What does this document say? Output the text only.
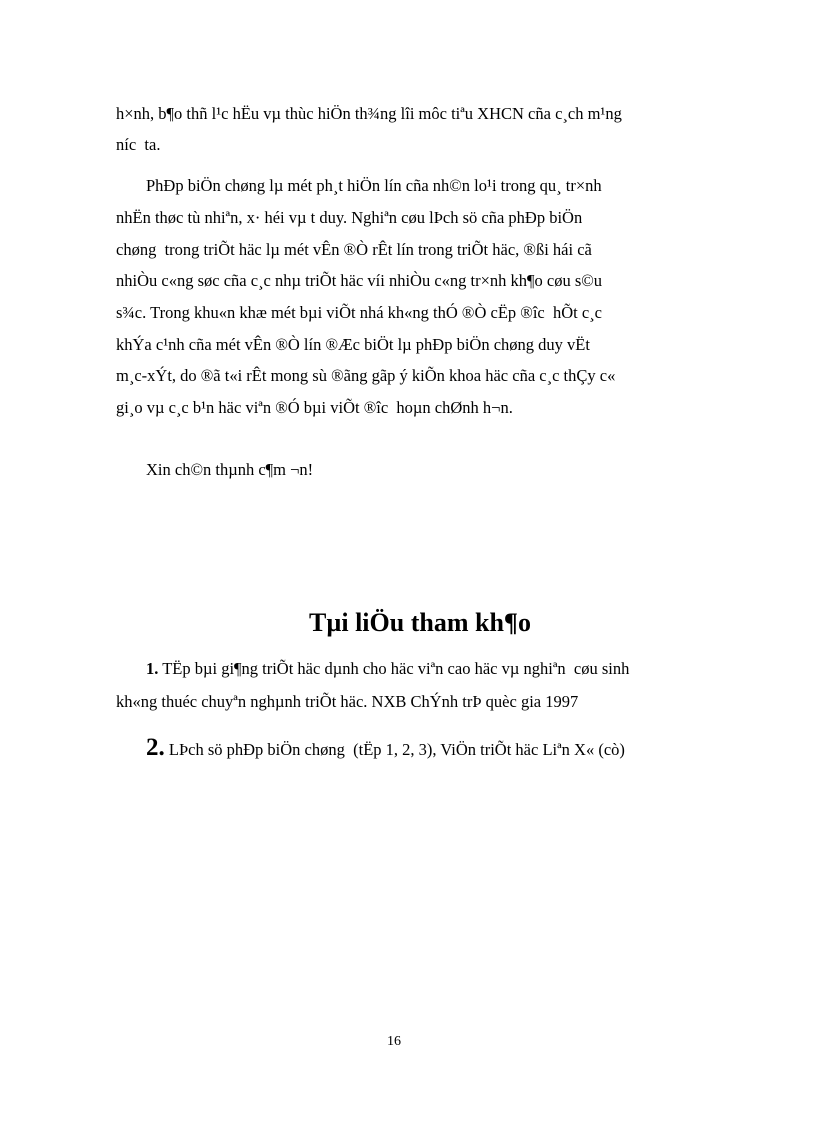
h×nh, b¶o thñ l¹c hËu vµ thùc hiÖn th¾ng lîi môc tiªu XHCN cña c¸ch m¹ng
níc  ta.
PhÐp biÖn chøng lµ mét ph¸t hiÖn lín cña nh©n lo¹i trong qu¸ tr×nh
nhËn thøc tù nhiªn, x· héi vµ t duy. Nghiªn cøu lÞch sö cña phÐp biÖn
chøng  trong triÕt häc lµ mét vÊn ®Ò rÊt lín trong triÕt häc, ®ßi hái cã
nhiÒu c«ng søc cña c¸c nhµ triÕt häc víi nhiÒu c«ng tr×nh kh¶o cøu s©u
s¾c. Trong khu«n khæ mét bµi viÕt nhá kh«ng thÓ ®Ò cËp ®îc  hÕt c¸c
khÝa c¹nh cña mét vÊn ®Ò lín ®Æc biÖt lµ phÐp biÖn chøng duy vËt
m¸c-xÝt, do ®ã t«i rÊt mong sù ®ãng gãp ý kiÕn khoa häc cña c¸c thÇy c«
gi¸o vµ c¸c b¹n häc viªn ®Ó bµi viÕt ®îc  hoµn chØnh h¬n.
Xin ch©n thµnh c¶m ¬n!
Tµi liÖu tham kh¶o
1. TËp bµi gi¶ng triÕt häc dµnh cho häc viªn cao häc vµ nghiªn  cøu sinh
kh«ng thuéc chuyªn nghµnh triÕt häc. NXB ChÝnh trÞ quèc gia 1997
2. LÞch sö phÐp biÖn chøng  (tËp 1, 2, 3), ViÖn triÕt häc Liªn X« (cò)
16
